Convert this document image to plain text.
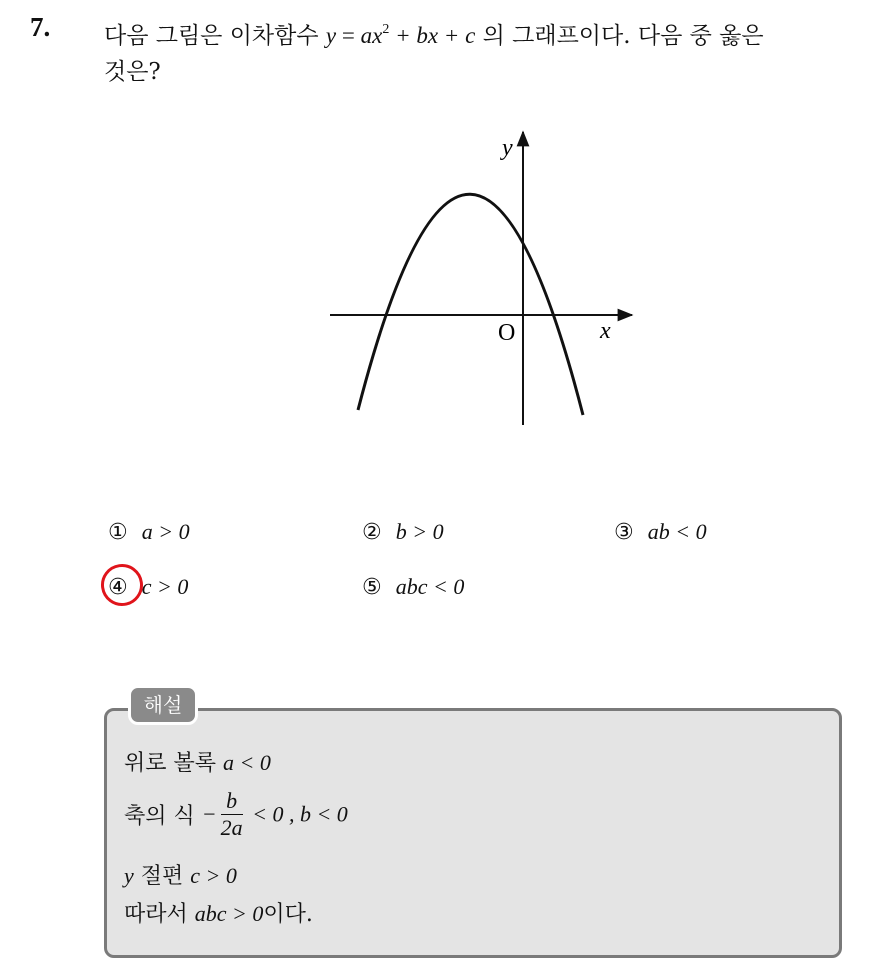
7. 다음 그림은 이차함수 $y = ax^2$ + bx + c 의 그래프이다. 다음 중 옳은
것은?
y
x
O
① a > 0	② b > 0	③ ab < 0
④ c > 0	⑤ abc < 0
해설
위로 볼록 a < 0
축의 식 − $\frac{b}{2a} < 0$ , b < 0
y 절편 c > 0
따라서 abc > 0이다.
